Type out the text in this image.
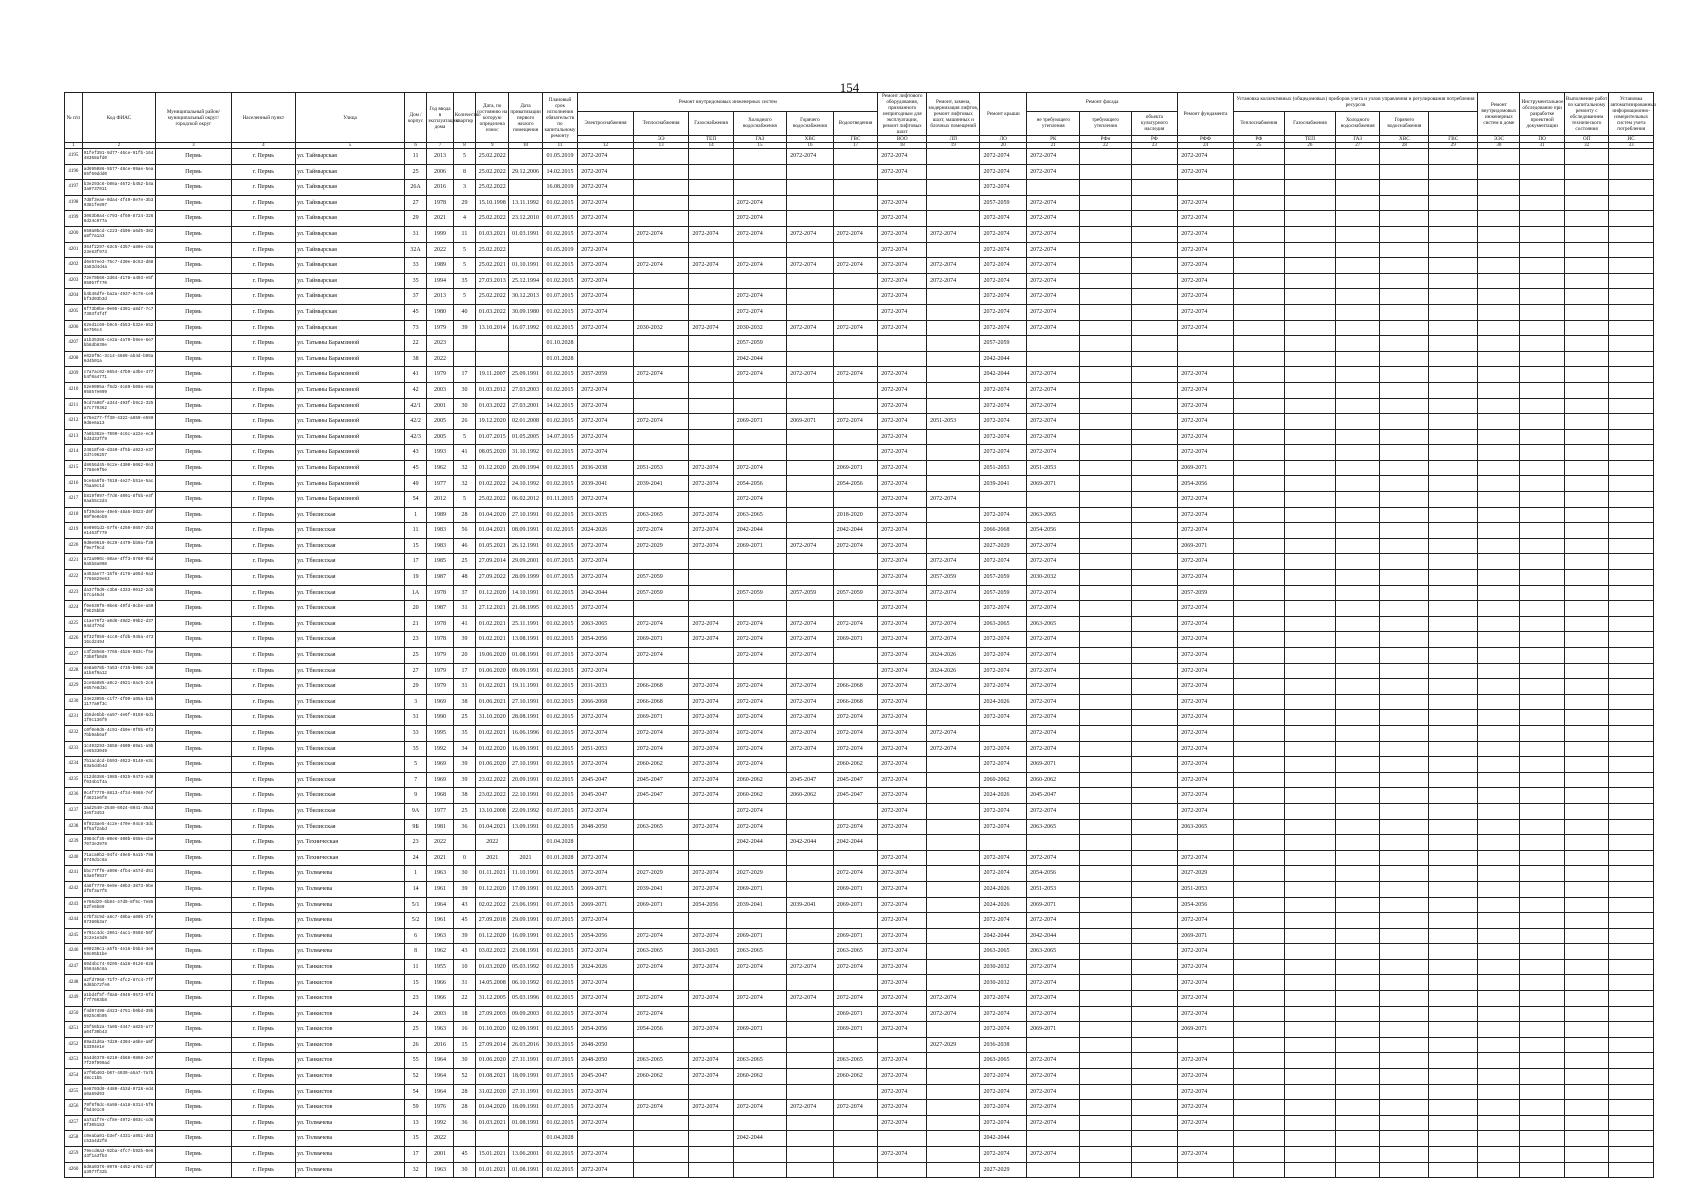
154
№ п/п	Код ФИАС	Муниципальный район/муниципальный округ/городской округ	Населенный пункт	Улица	Дом / корпус	Год ввода в эксплуатацию дома	Количество квартир	Дата, по состоянию на которую определена износ	Дата приватизации первого жилого помещения	Плановый срок исполнения обязательств по капитальному ремонту	Ремонт внутридомовых инженерных систем						Ремонт лифтового оборудования, признанного непригодным для эксплуатации, ремонт лифтовых шахт	Ремонт, замена, модернизация лифтов, ремонт лифтовых шахт, машинных и блочных помещений	Ремонт крыши	Ремонт фасада			Ремонт фундамента	Установка коллективных (общедомовых) приборов учета и узлов управления и регулирования потребления ресурсов					Ремонт внутридомовых инженерных систем в доме	Инструментальное обследование при разработке проектной документации	Выполнение работ по капитальному ремонту с обследованием технического состояния	Установка автоматизированных информационно-измерительных систем учета потребления
											Электроснабжения	Теплоснабжения	Газоснабжения	Холодного водоснабжения	Горячего водоснабжения	Водоотведения				не требующего утепления	требующего утепления	объекта культурного наследия		Теплоснабжения	Газоснабжения	Холодного водоснабжения	Горячего водоснабжения					
												ЭЭ	ТЕП	ГАЗ	ХВС	ГВС	ВОО	ЛП	ЛО	РК	РФн	РФ	РФФ	РФ	ТЕП	ГАЗ	ХВС	ГВС	ЭЭС	ПО	ОП	ИС
1	2	3	4	5	6	7	8	9	10	11	12	13	14	15	16	17	18	19	20	21	22	23	24	25	26	27	28	29	30	31	32	33
4195	91fef391-9d77-46ce-91fb-16448368afd0	Пермь	г. Пермь	ул. Таймырская	11	2013	5	25.02.2022		01.05.2019	2072-2074				2072-2074		2072-2074		2072-2074	2072-2074			2072-2074									
4196	ad695086-5577-48ce-09ae-5ea65f69ddd0	Пермь	г. Пермь	ул. Таймырская	25	2006	8	25.02.2022	29.12.2006	14.02.2015	2072-2074						2072-2074		2072-2074	2072-2074			2072-2074									
4197	b3e293c6-b06a-4672-b452-b4a3a9737011	Пермь	г. Пермь	ул. Таймырская	26А	2016	3	25.02.2022		16.08.2019	2072-2074								2072-2074													
4198	7d8f3eae-0da4-4f49-8e7e-3b39381fe807	Пермь	г. Пермь	ул. Таймырская	27	1978	29	15.10.1998	13.11.1992	01.02.2015	2072-2074			2072-2074			2072-2074		2057-2059	2072-2074			2072-2074									
4199	3063b0a4-c793-4f60-8724-3268d24c977a	Пермь	г. Пермь	ул. Таймырская	29	2021	4	25.02.2022	23.12.2010	01.07.2015	2072-2074			2072-2074			2072-2074		2072-2074	2072-2074			2072-2074									
4200	650a0bcd-c223-4b06-a6d5-382a8f7a1a3	Пермь	г. Пермь	ул. Таймырская	31	1999	11	01.03.2021	01.03.1991	01.02.2015	2072-2074	2072-2074	2072-2074	2072-2074	2072-2074	2072-2074	2072-2074	2072-2074	2072-2074	2072-2074			2072-2074									
4201	364f2297-63c5-4357-a80e-c6a23e83f973	Пермь	г. Пермь	ул. Таймырская	32А	2022	5	25.02.2022		01.05.2019	2072-2074						2072-2074		2072-2074	2072-2074			2072-2074									
4202	d6e57ee3-75c7-430e-8c53-d683a63d4d4a	Пермь	г. Пермь	ул. Таймырская	33	1989	5	25.02.2021	01.10.1991	01.02.2015	2072-2074	2072-2074	2072-2074	2072-2074	2072-2074	2072-2074	2072-2074	2072-2074	2072-2074	2072-2074			2072-2074									
4203	72e79566-2d64-4178-a493-e5f05057f770	Пермь	г. Пермь	ул. Таймырская	35	1994	35	27.03.2013	25.12.1994	01.02.2015	2072-2074						2072-2074	2072-2074	2072-2074	2072-2074			2072-2074									
4204	b4b46dfe-ba2a-4937-9c76-ce9bf3d03b3d	Пермь	г. Пермь	ул. Таймырская	37	2013	5	25.02.2022	30.12.2013	01.07.2015	2072-2074			2072-2074			2072-2074		2072-2074	2072-2074			2072-2074									
4205	6f73b9be-0e95-4391-a8d7-7c77303f4f4f	Пермь	г. Пермь	ул. Таймырская	45	1980	40	01.03.2022	30.09.1980	01.02.2015	2072-2074			2072-2074			2072-2074		2072-2074	2072-2074			2072-2074									
4206	62ed1c69-b9c5-4b53-b32e-6528e756c4	Пермь	г. Пермь	ул. Таймырская	73	1979	39	13.10.2014	16.07.1992	01.02.2015	2072-2074	2030-2032	2072-2074	2030-2032	2072-2074	2072-2074	2072-2074		2072-2074	2072-2074			2072-2074									
4207	a1b35386-ce2a-4a79-b9ee-6e7bb8db839e	Пермь	г. Пермь	ул. Татьяны Барамзиной	22	2023				01.10.2028				2057-2059					2057-2059													
4208	e028f9c-3c14-4689-ab4d-b95a6d4b01a	Пермь	г. Пермь	ул. Татьяны Барамзиной	38	2022				01.01.2028				2042-2044					2042-2044													
4209	c7a7ac02-8654-47b9-a3be-477b4f0a4771	Пермь	г. Пермь	ул. Татьяны Барамзиной	41	1979	17	19.11.2007	25.09.1991	01.02.2015	2057-2059	2072-2074		2072-2074	2072-2074	2072-2074	2072-2074		2042-2044	2072-2074			2072-2074									
4210	52e9095a-f5d2-4c89-b09a-e6a05857e099	Пермь	г. Пермь	ул. Татьяны Барамзиной	42	2003	30	01.03.2012	27.03.2003	01.02.2015	2072-2074						2072-2074		2072-2074	2072-2074			2072-2074									
4211	9cd7a96f-a344-493f-b9c2-325a7c770362	Пермь	г. Пермь	ул. Татьяны Барамзиной	42/1	2001	30	01.03.2022	27.03.2001	14.02.2015	2072-2074						2072-2074		2072-2074	2072-2074			2072-2074									
4212	e75e277-ff30-4322-a659-e5590d8e6a13	Пермь	г. Пермь	ул. Татьяны Барамзиной	42/2	2005	26	19.12.2020	02.01.2008	01.02.2015	2072-2074	2072-2074		2069-2071	2069-2071	2072-2074	2072-2074	2051-2053	2072-2074	2072-2074			2072-2074									
4213	7a6b362e-7090-4c6c-a22e-ec9bd3d33ff9	Пермь	г. Пермь	ул. Татьяны Барамзиной	42/3	2005	5	01.07.2015	01.05.2005	14.07.2015	2072-2074						2072-2074		2072-2074	2072-2074			2072-2074									
4214	24618fe8-d340-4f5b-a923-e372d7c96257	Пермь	г. Пермь	ул. Татьяны Барамзиной	43	1993	41	08.05.2020	31.10.1992	01.02.2015	2072-2074						2072-2074		2072-2074	2072-2074			2072-2074									
4215	d8656d45-9c2e-4300-8062-0e37788e9f5e	Пермь	г. Пермь	ул. Татьяны Барамзиной	45	1962	32	01.12.2020	20.09.1994	01.02.2015	2036-2038	2051-2053	2072-2074	2072-2074		2069-2071	2072-2074		2051-2053	2051-2053			2069-2071									
4216	5ce6a6f8-7610-4e27-b51e-5ac7baa9c1d	Пермь	г. Пермь	ул. Татьяны Барамзиной	49	1977	32	01.02.2022	24.10.1992	01.02.2015	2039-2041	2039-2041	2072-2074	2054-2056		2054-2056	2072-2074		2039-2041	2069-2071			2054-2056									
4217	b819f097-f7d6-4091-8f5b-e4f8aab5c2d4	Пермь	г. Пермь	ул. Татьяны Барамзиной	54	2012	5	25.02.2022	06.02.2012	01.11.2015	2072-2074			2072-2074			2072-2074	2072-2074					2072-2074									
4218	5f39d4ee-49e5-48a6-b023-d9f00f9e0eb9	Пермь	г. Пермь	ул. Тбилисская	1	1989	28	01.04.2020	27.10.1991	01.02.2015	2033-2035	2063-2065	2072-2074	2063-2065		2018-2020	2072-2074		2072-2074	2063-2065			2072-2074									
4219	6e9991d2-57f6-4250-8657-2b3e1463f779	Пермь	г. Пермь	ул. Тбилисская	11	1983	56	01.04.2021	08.09.1991	01.02.2015	2024-2026	2072-2074	2072-2074	2042-2044		2042-2044	2072-2074		2066-2068	2054-2056			2072-2074									
4220	9d0e9610-0c29-4479-bb9a-f30f9e7f9cd	Пермь	г. Пермь	ул. Тбилисская	15	1983	46	01.05.2021	26.12.1991	01.02.2015	2072-2074	2072-2029	2072-2074	2069-2071	2072-2074	2072-2074	2072-2074		2027-2029	2072-2074			2069-2071									
4221	a72a990c-50ae-4ff3-9760-9bd0a5b8a008	Пермь	г. Пермь	ул. Тбилисская	17	1985	25	27.09.2014	29.09.2001	01.07.2015	2072-2074						2072-2074	2072-2074	2072-2074	2072-2074			2072-2074									
4222	a453ae77-15f8-4178-a05d-6a37766829e63	Пермь	г. Пермь	ул. Тбилисская	19	1987	48	27.09.2022	28.09.1999	01.07.2015	2072-2074	2057-2059					2072-2074	2057-2059	2057-2059	2030-2032			2072-2074									
4223	da37f0d9-c3b8-4333-9012-2d6b7ca46d4	Пермь	г. Пермь	ул. Тбилисская	1А	1978	37	01.12.2020	14.10.1991	01.02.2015	2042-2044	2057-2059		2057-2059	2057-2059	2057-2059	2072-2074	2072-2074	2057-2059	2072-2074			2057-2059									
4224	f0e639f6-0be6-49fd-0cbe-a50f9b25bb9	Пермь	г. Пермь	ул. Тбилисская	20	1987	31	27.12.2021	21.08.1995	01.02.2015	2072-2074						2072-2074		2072-2074	2072-2074			2072-2074									
4225	c1ae79f2-a0d6-49d2-99b2-d3794d4f76d	Пермь	г. Пермь	ул. Тбилисская	21	1978	41	01.02.2021	25.11.1991	01.02.2015	2063-2065	2072-2074	2072-2074	2072-2074	2072-2074	2072-2074	2072-2074	2072-2074	2063-2065	2063-2065			2072-2074									
4226	6f32f059-4cc0-4fdb-945a-47316cd2494	Пермь	г. Пермь	ул. Тбилисская	23	1978	39	01.02.2021	13.08.1991	01.02.2015	2054-2056	2069-2071	2072-2074	2072-2074	2072-2074	2069-2071	2072-2074	2072-2074	2072-2074	2072-2074			2072-2074									
4227	c4f28568-7765-4b26-983c-f5e73b0fb0d9	Пермь	г. Пермь	ул. Тбилисская	25	1979	20	19.06.2020	01.08.1991	01.07.2015	2072-2074	2072-2074		2072-2074	2072-2074		2072-2074	2024-2026	2072-2074	2072-2074			2072-2074									
4228	4e8a078b-7a53-4735-b90c-2d6a1b6f9a12	Пермь	г. Пермь	ул. Тбилисская	27	1979	17	01.06.2020	09.09.1991	01.02.2015	2072-2074						2072-2074	2024-2026	2072-2074	2072-2074			2072-2074									
4229	2ce8a985-a9c2-4021-8ac5-2c6e657e8d3c	Пермь	г. Пермь	ул. Тбилисская	29	1979	31	01.02.2021	19.11.1991	01.02.2015	2031-2033	2066-2068	2072-2074	2072-2074	2072-2074	2066-2068	2072-2074	2072-2074	2072-2074	2072-2074			2072-2074									
4230	34e23955-c1f7-4f09-a05a-b2b1177a0f3c	Пермь	г. Пермь	ул. Тбилисская	3	1969	38	01.06.2021	27.10.1991	01.02.2015	2066-2068	2066-2068	2072-2074	2072-2074	2072-2074	2066-2068	2072-2074		2024-2026	2072-2074			2072-2074									
4231	1b5de5bb-ea97-4e6f-9159-6d11f9c136f9	Пермь	г. Пермь	ул. Тбилисская	31	1990	25	31.10.2020	28.08.1991	01.02.2015	2072-2074	2069-2071	2072-2074	2072-2074	2072-2074	2072-2074	2072-2074		2072-2074	2072-2074			2072-2074									
4232	c0f0e0d5-4c91-4b0e-9f0b-8f37bb9ab6af	Пермь	г. Пермь	ул. Тбилисская	33	1995	35	01.02.2021	16.06.1996	01.02.2015	2072-2074	2072-2074	2072-2074	2072-2074	2072-2074	2072-2074	2072-2074	2072-2074		2072-2074			2072-2074									
4233	1c493293-3858-4600-89a1-a9bce6533049	Пермь	г. Пермь	ул. Тбилисская	35	1992	34	01.02.2020	16.09.1991	01.02.2015	2051-2053	2072-2074	2072-2074	2072-2074	2072-2074	2072-2074	2072-2074	2072-2074	2072-2074	2072-2074			2072-2074									
4234	7b1acdcd-b593-4023-9146-e3c83a5d4b4d	Пермь	г. Пермь	ул. Тбилисская	5	1969	39	01.06.2020	27.10.1991	01.02.2015	2072-2074	2060-2062	2072-2074	2072-2074		2060-2062	2072-2074		2072-2074	2069-2071			2072-2074									
4235	c12d6386-1985-4925-9473-ed8f034b1f4a	Пермь	г. Пермь	ул. Тбилисская	7	1969	39	23.02.2022	20.09.1991	01.02.2015	2045-2047	2045-2047	2072-2074	2060-2062	2045-2047	2045-2047	2072-2074		2060-2062	2060-2062			2072-2074									
4236	0c4f7770-8813-4f34-9666-7eff4621e6f8	Пермь	г. Пермь	ул. Тбилисская	9	1968	38	23.02.2022	22.10.1991	01.02.2015	2045-2047	2045-2047	2072-2074	2060-2062	2060-2062	2045-2047	2072-2074		2024-2026	2045-2047			2072-2074									
4237	1ad2540-2540-6924-8041-35a33e5f3453	Пермь	г. Пермь	ул. Тбилисская	9А	1977	25	13.10.2008	22.09.1992	01.07.2015	2072-2074			2072-2074			2072-2074		2072-2074	2072-2074			2072-2074									
4238	6f023ae5-4c2e-470e-94c8-3dc9f5af2abd	Пермь	г. Пермь	ул. Тбилисская	9Б	1981	36	01.04.2021	13.09.1991	01.02.2015	2048-2050	2063-2065	2072-2074	2072-2074		2072-2074	2072-2074		2072-2074	2063-2065			2063-2065									
4239	3984cf45-80e6-400b-855e-cbe7073e3979	Пермь	г. Пермь	ул. Техническая	23	2022		2022		01.04.2028				2042-2044	2042-2044	2042-2044																
4240	71aca0b2-94f4-49e8-9a15-7989749d1c6a	Пермь	г. Пермь	ул. Техническая	24	2021	0	2021	2021	01.01.2028	2072-2074						2072-2074		2072-2074	2072-2074			2072-2074									
4241	bbc77ff6-a996-4fb4-a57d-d5163a6f9937	Пермь	г. Пермь	ул. Толмачева	1	1963	30	01.11.2021	11.10.1991	01.02.2015	2072-2074	2027-2029	2072-2074	2027-2029		2072-2074	2072-2074		2072-2074	2054-2056			2027-2029									
4242	4a6f7770-9e9e-40b3-3873-9bedf5f3a7f5	Пермь	г. Пермь	ул. Толмачева	14	1961	39	01.12.2020	17.09.1991	01.02.2015	2069-2071	2039-2041	2072-2074	2069-2071		2069-2071	2072-2074		2024-2026	2051-2053			2051-2053									
4243	e786d29-6b84-47d9-8f5c-7e8552fe5b69	Пермь	г. Пермь	ул. Толмачева	5/1	1964	43	02.02.2022	23.06.1991	01.07.2015	2069-2071	2069-2071	2054-2056	2039-2041	2039-2041	2069-2071	2072-2074		2024-2026	2069-2071			2054-2056									
4244	c7bf3c9d-a8c7-40ba-a00b-3fe97380b3a7	Пермь	г. Пермь	ул. Толмачева	5/2	1961	45	27.09.2018	29.09.1991	01.07.2015	2072-2074						2072-2074		2072-2074	2072-2074			2072-2074									
4245	e791c4dc-2061-4ac1-9568-56f3c2e1e3d9	Пермь	г. Пермь	ул. Толмачева	6	1963	39	01.12.2020	16.09.1991	01.02.2015	2054-2056	2072-2074	2072-2074	2069-2071		2069-2071	2072-2074		2042-2044	2042-2044			2069-2071									
4246	e00230c1-a5f5-4e18-b5b4-3e659c05b1be	Пермь	г. Пермь	ул. Толмачева	8	1962	43	03.02.2022	23.08.1991	01.02.2015	2072-2074	2063-2065	2063-2065	2063-2065		2063-2065	2072-2074		2063-2065	2063-2065			2072-2074									
4247	60d4bc74-9205-4a28-9126-8285564a5c6a	Пермь	г. Пермь	ул. Танкистов	11	1955	10	01.03.2020	05.03.1992	01.02.2015	2024-2026	2072-2074	2072-2074	2072-2074	2072-2074	2072-2074	2072-2074		2030-2032	2072-2074			2072-2074									
4248	a2fd7968-71f7-4fc2-87c4-7ff6d6bb72fe0	Пермь	г. Пермь	ул. Танкистов	15	1966	31	14.05.2008	06.10.1992	01.02.2015	2072-2074						2072-2074		2030-2032	2072-2074			2072-2074									
4249	a1bd4f5f-f8a8-4946-9573-6f4f7f7663b8	Пермь	г. Пермь	ул. Танкистов	23	1966	22	31.12.2005	05.03.1996	01.02.2015	2072-2074	2072-2074	2072-2074	2072-2074	2072-2074	2072-2074	2072-2074	2072-2074	2072-2074	2072-2074			2072-2074									
4250	f4d97498-d423-4751-b0bd-39b6925c0b95	Пермь	г. Пермь	ул. Танкистов	24	2003	18	27.09.2003	09.09.2003	01.02.2015	2072-2074	2072-2074				2069-2071	2072-2074	2072-2074	2072-2074	2072-2074			2072-2074									
4251	25f58b2a-7a05-4447-a825-a77a04f30b43	Пермь	г. Пермь	ул. Танкистов	25	1963	16	01.10.2020	02.09.1991	01.02.2015	2054-2056	2054-2056	2072-2074	2069-2071		2069-2071	2072-2074		2072-2074	2069-2071			2069-2071									
4252	89ad1d6a-7d20-4304-a6be-a8fb3394e1e	Пермь	г. Пермь	ул. Танкистов	26	2016	15	27.09.2014	26.03.2016	30.03.2015	2048-2050							2027-2029	2036-2038													
4253	0a4d6379-6210-4b66-9868-2e77f29f999ad	Пермь	г. Пермь	ул. Танкистов	55	1964	30	01.06.2020	27.11.1991	01.07.2015	2048-2050	2063-2065	2072-2074	2063-2065		2063-2065	2072-2074		2063-2065	2072-2074			2072-2074									
4254	a7f0b403-b07-4039-a5a7-7a7b48cc1b5	Пермь	г. Пермь	ул. Танкистов	52	1964	52	01.08.2021	18.09.1991	01.07.2015	2045-2047	2060-2062	2072-2074	2060-2062		2060-2062	2072-2074		2072-2074	2072-2074			2072-2074									
4255	8e8703d9-4480-4b3d-9728-ed4a0a69d93	Пермь	г. Пермь	ул. Танкистов	54	1964	28	31.02.2020	27.11.1991	01.02.2015	2072-2074						2072-2074		2072-2074	2072-2074			2072-2074									
4256	79f8f0dc-8a98-4a18-8314-5f6f5d4e1c9	Пермь	г. Пермь	ул. Танкистов	59	1976	28	01.04.2020	18.09.1991	01.07.2015	2072-2074	2072-2074	2072-2074	2072-2074	2072-2074	2072-2074	2072-2074		2072-2074	2072-2074			2072-2074									
4257	aa7a1f7e-cf8e-4972-803c-cd60f305183	Пермь	г. Пермь	ул. Толмачева	13	1992	36	01.03.2021	01.08.1991	01.02.2015	2072-2074						2072-2074		2072-2074	2072-2074			2072-2074									
4258	c0eaba01-b3ef-4331-a951-d63c53a4d2f8	Пермь	г. Пермь	ул. Толмачева	15	2022				01.04.2028				2042-2044					2042-2044													
4259	79ecd8a3-92ba-4fc7-b92b-0e643f1a3fb3	Пермь	г. Пермь	ул. Толмачева	17	2001	45	15.01.2021	13.06.2001	01.02.2015	2072-2074						2072-2074		2072-2074	2072-2074			2072-2074									
4260	8d6a0376-0978-4452-a761-43fa3977f32b	Пермь	г. Пермь	ул. Толмачева	32	1963	30	01.01.2021	01.08.1991	01.02.2015	2072-2074								2027-2029													
